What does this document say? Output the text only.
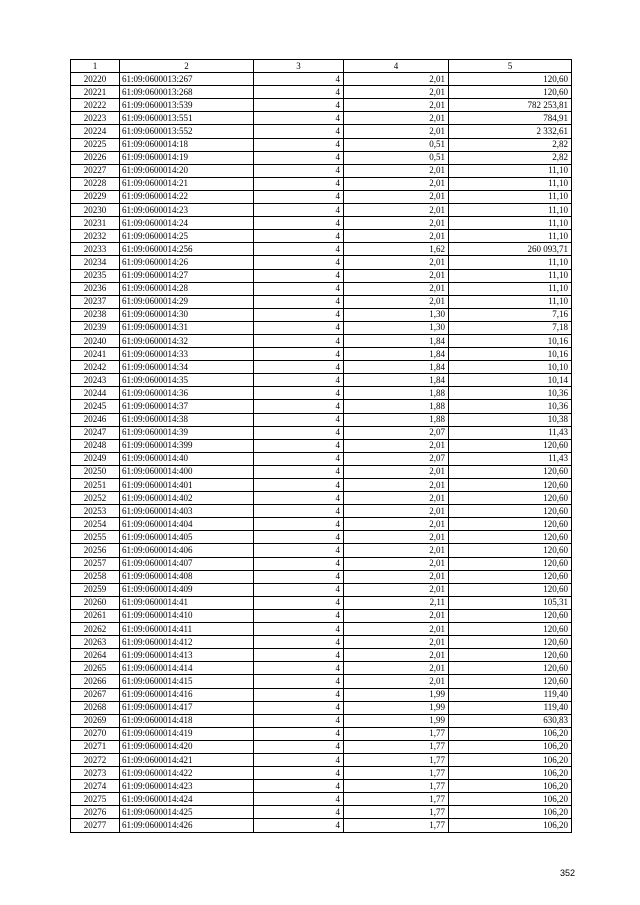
1	2	3	4	5
20220	61:09:0600013:267	4	2,01	120,60
20221	61:09:0600013:268	4	2,01	120,60
20222	61:09:0600013:539	4	2,01	782 253,81
20223	61:09:0600013:551	4	2,01	784,91
20224	61:09:0600013:552	4	2,01	2 332,61
20225	61:09:0600014:18	4	0,51	2,82
20226	61:09:0600014:19	4	0,51	2,82
20227	61:09:0600014:20	4	2,01	11,10
20228	61:09:0600014:21	4	2,01	11,10
20229	61:09:0600014:22	4	2,01	11,10
20230	61:09:0600014:23	4	2,01	11,10
20231	61:09:0600014:24	4	2,01	11,10
20232	61:09:0600014:25	4	2,01	11,10
20233	61:09:0600014:256	4	1,62	260 093,71
20234	61:09:0600014:26	4	2,01	11,10
20235	61:09:0600014:27	4	2,01	11,10
20236	61:09:0600014:28	4	2,01	11,10
20237	61:09:0600014:29	4	2,01	11,10
20238	61:09:0600014:30	4	1,30	7,16
20239	61:09:0600014:31	4	1,30	7,18
20240	61:09:0600014:32	4	1,84	10,16
20241	61:09:0600014:33	4	1,84	10,16
20242	61:09:0600014:34	4	1,84	10,10
20243	61:09:0600014:35	4	1,84	10,14
20244	61:09:0600014:36	4	1,88	10,36
20245	61:09:0600014:37	4	1,88	10,36
20246	61:09:0600014:38	4	1,88	10,38
20247	61:09:0600014:39	4	2,07	11,43
20248	61:09:0600014:399	4	2,01	120,60
20249	61:09:0600014:40	4	2,07	11,43
20250	61:09:0600014:400	4	2,01	120,60
20251	61:09:0600014:401	4	2,01	120,60
20252	61:09:0600014:402	4	2,01	120,60
20253	61:09:0600014:403	4	2,01	120,60
20254	61:09:0600014:404	4	2,01	120,60
20255	61:09:0600014:405	4	2,01	120,60
20256	61:09:0600014:406	4	2,01	120,60
20257	61:09:0600014:407	4	2,01	120,60
20258	61:09:0600014:408	4	2,01	120,60
20259	61:09:0600014:409	4	2,01	120,60
20260	61:09:0600014:41	4	2,11	105,31
20261	61:09:0600014:410	4	2,01	120,60
20262	61:09:0600014:411	4	2,01	120,60
20263	61:09:0600014:412	4	2,01	120,60
20264	61:09:0600014:413	4	2,01	120,60
20265	61:09:0600014:414	4	2,01	120,60
20266	61:09:0600014:415	4	2,01	120,60
20267	61:09:0600014:416	4	1,99	119,40
20268	61:09:0600014:417	4	1,99	119,40
20269	61:09:0600014:418	4	1,99	630,83
20270	61:09:0600014:419	4	1,77	106,20
20271	61:09:0600014:420	4	1,77	106,20
20272	61:09:0600014:421	4	1,77	106,20
20273	61:09:0600014:422	4	1,77	106,20
20274	61:09:0600014:423	4	1,77	106,20
20275	61:09:0600014:424	4	1,77	106,20
20276	61:09:0600014:425	4	1,77	106,20
20277	61:09:0600014:426	4	1,77	106,20
352
